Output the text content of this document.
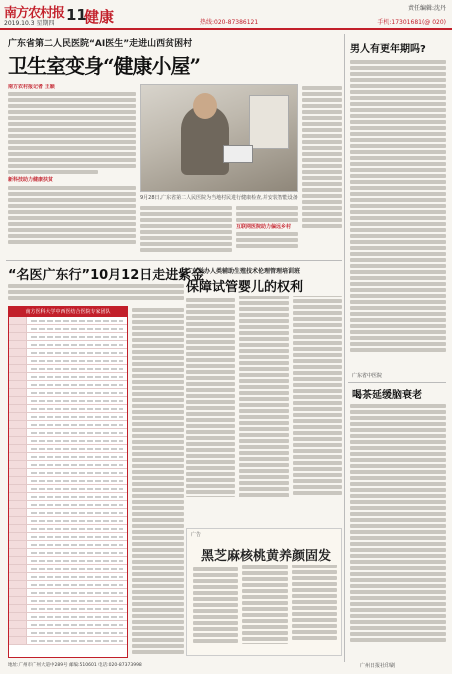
南方农村报
2019.10.3 星期四 11
健康	热线:020-87386121
责任编辑:沈丹
手机:17301681(@ 020)
广东省第二人民医院“AI医生”走进山西贫困村
卫生室变身“健康小屋”
南方农村报记者 王颖
新科技助力健康扶贫
9月28日,广东省第二人民医院为当地村民进行健康检查,并安装智能设备
互联网医院助力偏远乡村
男人有更年期吗?
广东省中医院
喝茶延缓脑衰老
“名医广东行”10月12日走进紫金
南方医科大学中西医结合医院专家团队
广东举办人类辅助生殖技术伦理管理培训班
保障试管婴儿的权利
广告
黑芝麻核桃黄养颜固发
地址:广州市广州大道中289号 邮编:510601 电话:020-87373998	广州日报社印刷
